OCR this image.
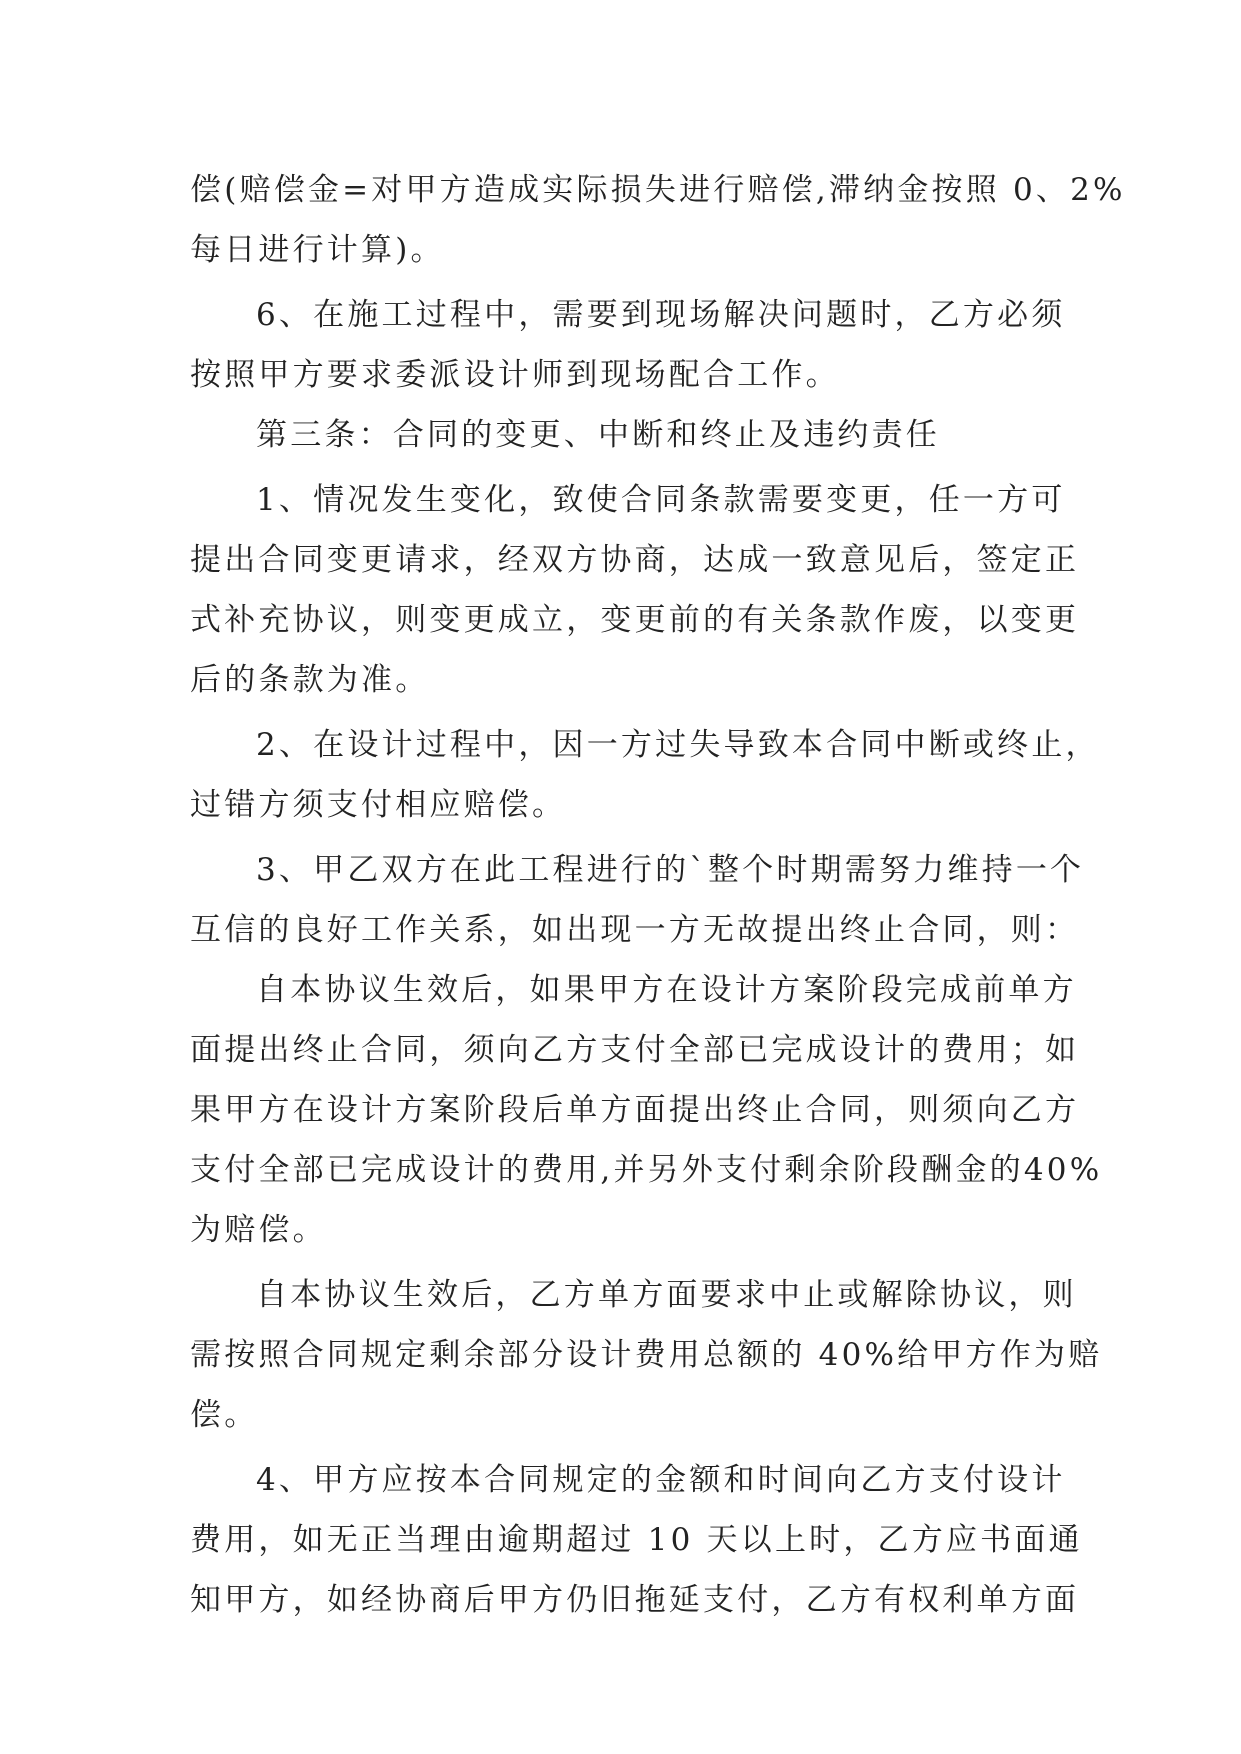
偿(赔偿金=对甲方造成实际损失进行赔偿,滞纳金按照 0、2%
每日进行计算)。
6、在施工过程中，需要到现场解决问题时，乙方必须
按照甲方要求委派设计师到现场配合工作。
第三条：合同的变更、中断和终止及违约责任
1、情况发生变化，致使合同条款需要变更，任一方可
提出合同变更请求，经双方协商，达成一致意见后，签定正
式补充协议，则变更成立，变更前的有关条款作废，以变更
后的条款为准。
2、在设计过程中，因一方过失导致本合同中断或终止，
过错方须支付相应赔偿。
3、甲乙双方在此工程进行的`整个时期需努力维持一个
互信的良好工作关系，如出现一方无故提出终止合同，则：
自本协议生效后，如果甲方在设计方案阶段完成前单方
面提出终止合同，须向乙方支付全部已完成设计的费用；如
果甲方在设计方案阶段后单方面提出终止合同，则须向乙方
支付全部已完成设计的费用,并另外支付剩余阶段酬金的40%
为赔偿。
自本协议生效后，乙方单方面要求中止或解除协议，则
需按照合同规定剩余部分设计费用总额的 40%给甲方作为赔
偿。
4、甲方应按本合同规定的金额和时间向乙方支付设计
费用，如无正当理由逾期超过 10 天以上时，乙方应书面通
知甲方，如经协商后甲方仍旧拖延支付，乙方有权利单方面
